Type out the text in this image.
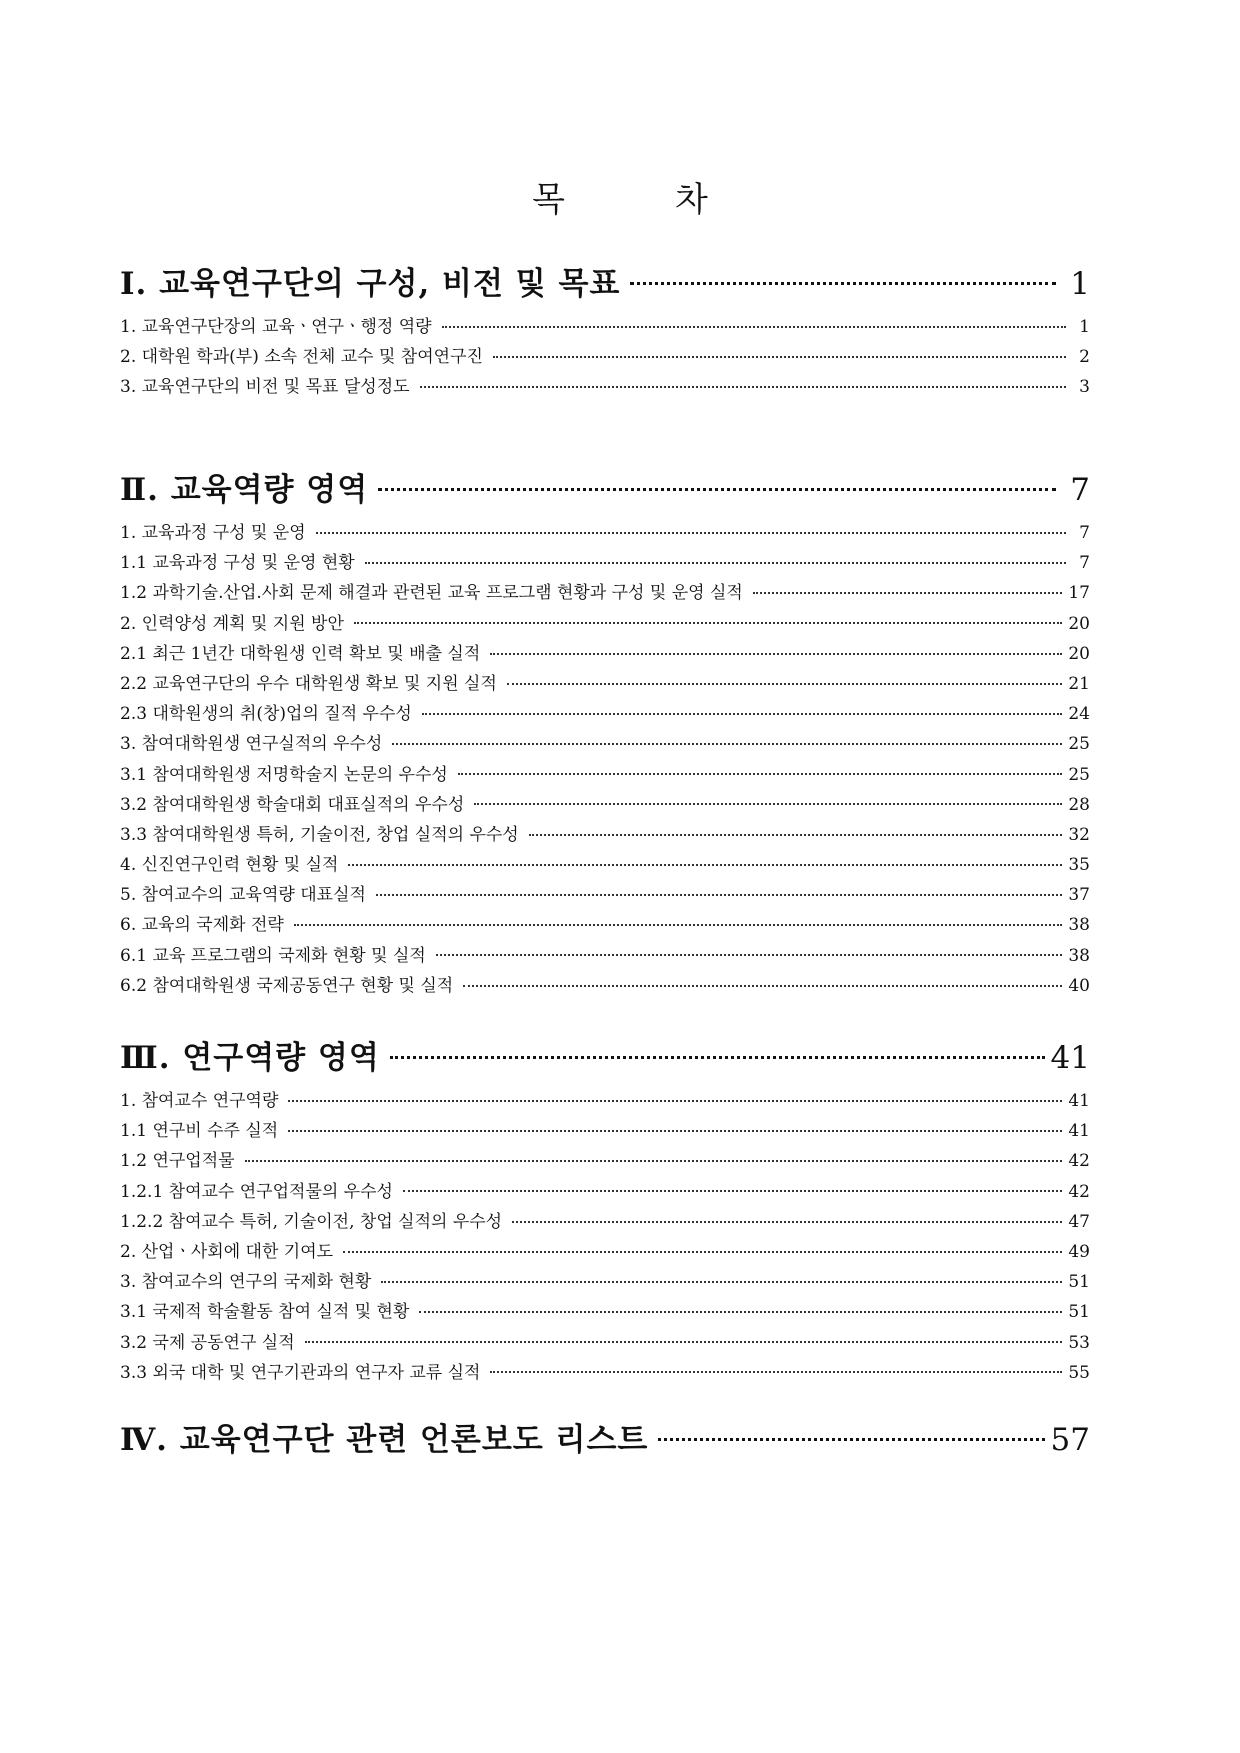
목	차
Ⅰ. 교육연구단의 구성, 비전 및 목표	1
1. 교육연구단장의 교육ㆍ연구ㆍ행정 역량	1
2. 대학원 학과(부) 소속 전체 교수 및 참여연구진	2
3. 교육연구단의 비전 및 목표 달성정도	3
Ⅱ. 교육역량 영역	7
1. 교육과정 구성 및 운영	7
1.1 교육과정 구성 및 운영 현황	7
1.2 과학기술.산업.사회 문제 해결과 관련된 교육 프로그램 현황과 구성 및 운영 실적	17
2. 인력양성 계획 및 지원 방안	20
2.1 최근 1년간 대학원생 인력 확보 및 배출 실적	20
2.2 교육연구단의 우수 대학원생 확보 및 지원 실적	21
2.3 대학원생의 취(창)업의 질적 우수성	24
3. 참여대학원생 연구실적의 우수성	25
3.1 참여대학원생 저명학술지 논문의 우수성	25
3.2 참여대학원생 학술대회 대표실적의 우수성	28
3.3 참여대학원생 특허, 기술이전, 창업 실적의 우수성	32
4. 신진연구인력 현황 및 실적	35
5. 참여교수의 교육역량 대표실적	37
6. 교육의 국제화 전략	38
6.1 교육 프로그램의 국제화 현황 및 실적	38
6.2 참여대학원생 국제공동연구 현황 및 실적	40
Ⅲ. 연구역량 영역	41
1. 참여교수 연구역량	41
1.1 연구비 수주 실적	41
1.2 연구업적물	42
1.2.1 참여교수 연구업적물의 우수성	42
1.2.2 참여교수 특허, 기술이전, 창업 실적의 우수성	47
2. 산업ㆍ사회에 대한 기여도	49
3. 참여교수의 연구의 국제화 현황	51
3.1 국제적 학술활동 참여 실적 및 현황	51
3.2 국제 공동연구 실적	53
3.3 외국 대학 및 연구기관과의 연구자 교류 실적	55
Ⅳ. 교육연구단 관련 언론보도 리스트	57
